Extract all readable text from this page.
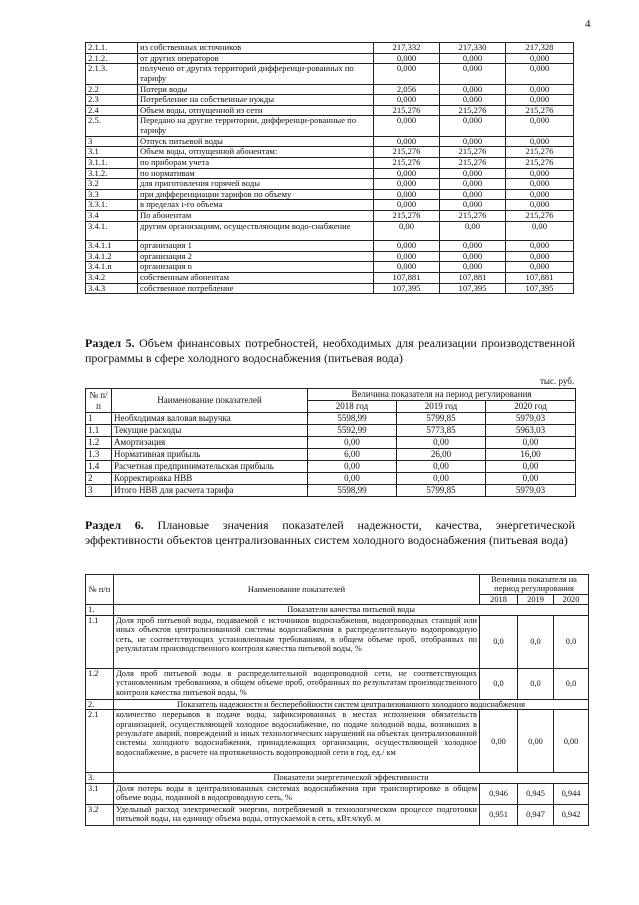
4
2.1.1.	из собственных источников	217,332	217,330	217,328
2.1.2.	от других операторов	0,000	0,000	0,000
2.1.3.	получено от других территорий дифференци-рованных по тарифу	0,000	0,000	0,000
2.2	Потери воды	2,056	0,000	0,000
2.3	Потребление на собственные нужды	0,000	0,000	0,000
2.4	Объем воды, отпущенной из сети	215,276	215,276	215,276
2.5.	Передано на другие территории, дифференци-рованные по тарифу	0,000	0,000	0,000
3	Отпуск питьевой воды	0,000	0,000	0,000
3.1	Объем воды, отпущенной абонентам:	215,276	215,276	215,276
3.1.1.	по приборам учета	215,276	215,276	215,276
3.1.2.	по нормативам	0,000	0,000	0,000
3.2	для приготовления горячей воды	0,000	0,000	0,000
3.3	при дифференциации тарифов по объему	0,000	0,000	0,000
3.3.1.	в пределах i-го объема	0,000	0,000	0,000
3.4	По абонентам	215,276	215,276	215,276
3.4.1.	другим организациям, осуществляющим водо-снабжение	0,00	0,00	0,00
3.4.1.1	организация 1	0,000	0,000	0,000
3.4.1.2	организация 2	0,000	0,000	0,000
3.4.1.n	организация n	0,000	0,000	0,000
3.4.2	собственным абонентам	107,881	107,881	107,881
3.4.3	собственное потребление	107,395	107,395	107,395
Раздел 5. Объем финансовых потребностей, необходимых для реализации производственной программы в сфере холодного водоснабжения (питьевая вода)
тыс. руб.
№ п/п	Наименование показателей	Величина показателя на период регулирования		
		2018 год	2019 год	2020 год
1	Необходимая валовая выручка	5598,99	5799,85	5979,03
1.1	Текущие расходы	5592,99	5773,85	5963,03
1.2	Амортизация	0,00	0,00	0,00
1.3	Нормативная прибыль	6,00	26,00	16,00
1.4	Расчетная предпринимательская прибыль	0,00	0,00	0,00
2	Корректировка НВВ	0,00	0,00	0,00
3	Итого НВВ для расчета тарифа	5598,99	5799,85	5979,03
Раздел 6. Плановые значения показателей надежности, качества, энергетической эффективности объектов централизованных систем холодного водоснабжения (питьевая вода)
№ п/п	Наименование показателей	Величина показателя на период регулирования		
		2018	2019	2020
1.	Показатели качества питьевой воды			
1.1	Доля проб питьевой воды, подаваемой с источников водоснабжения, водопроводных станций или иных объектов централизованной системы водоснабжения в распределительную водопроводную сеть, не соответствующих установленным требованиям, в общем объеме проб, отобранных по результатам производственного контроля качества питьевой воды, %	0,0	0,0	0,0
1.2	Доля проб питьевой воды в распределительной водопроводной сети, не соответствующих установленным требованиям, в общем объеме проб, отобранных по результатам производственного контроля качества питьевой воды, %	0,0	0,0	0,0
2.	Показатель надежности и бесперебойности систем централизованного холодного водоснабжения			
2.1	количество перерывов в подаче воды, зафиксированных в местах исполнения обязательств организацией, осуществляющей холодное водоснабжение, по подаче холодной воды, возникших в результате аварий, повреждений и иных технологических нарушений на объектах централизованной системы холодного водоснабжения, принадлежащих организации, осуществляющей холодное водоснабжение, в расчете на протяженность водопроводной сети в год, ед./ км	0,00	0,00	0,00
3.	Показатели энергетической эффективности			
3.1	Доля потерь воды в централизованных системах водоснабжения при транспортировке в общем объеме воды, поданной в водопроводную сеть, %	0,946	0,945	0,944
3.2	Удельный расход электрической энергии, потребляемой в технологическом процессе подготовки питьевой воды, на единицу объема воды, отпускаемой в сеть, кВт.ч/куб. м	0,951	0,947	0,942
